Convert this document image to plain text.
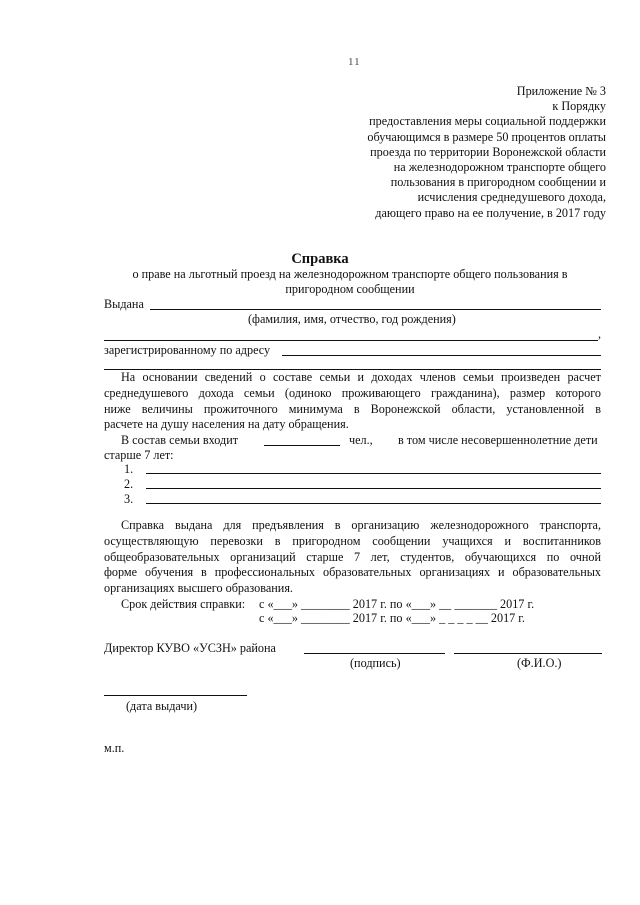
11
Приложение № 3
к Порядку
предоставления меры социальной поддержки
обучающимся в размере 50 процентов оплаты
проезда по территории Воронежской области
на железнодорожном транспорте общего
пользования в пригородном сообщении и
исчисления среднедушевого дохода,
дающего право на ее получение, в 2017 году
Справка
о праве на льготный проезд на железнодорожном транспорте общего пользования в
пригородном сообщении
Выдана
(фамилия, имя, отчество, год рождения)
,
зарегистрированному по адресу
На основании сведений о составе семьи и доходах членов семьи произведен расчет
среднедушевого дохода семьи (одиноко проживающего гражданина), размер которого
ниже величины прожиточного минимума в Воронежской области, установленной в
расчете на душу населения на дату обращения.
В состав семьи входит	чел., в том числе несовершеннолетние дети
старше 7 лет:
1.
2.
3.
Справка выдана для предъявления в организацию железнодорожного транспорта,
осуществляющую перевозки в пригородном сообщении учащихся и воспитанников
общеобразовательных организаций старше 7 лет, студентов, обучающихся по очной
форме обучения в профессиональных образовательных организациях и образовательных
организациях высшего образования.
Срок действия справки: с «___» ________ 2017 г. по «___» __ _______ 2017 г.
с «___» ________ 2017 г. по «___» _ _ _ _ __ 2017 г.
Директор КУВО «УСЗН» района
(подпись)	(Ф.И.О.)
(дата выдачи)
м.п.
